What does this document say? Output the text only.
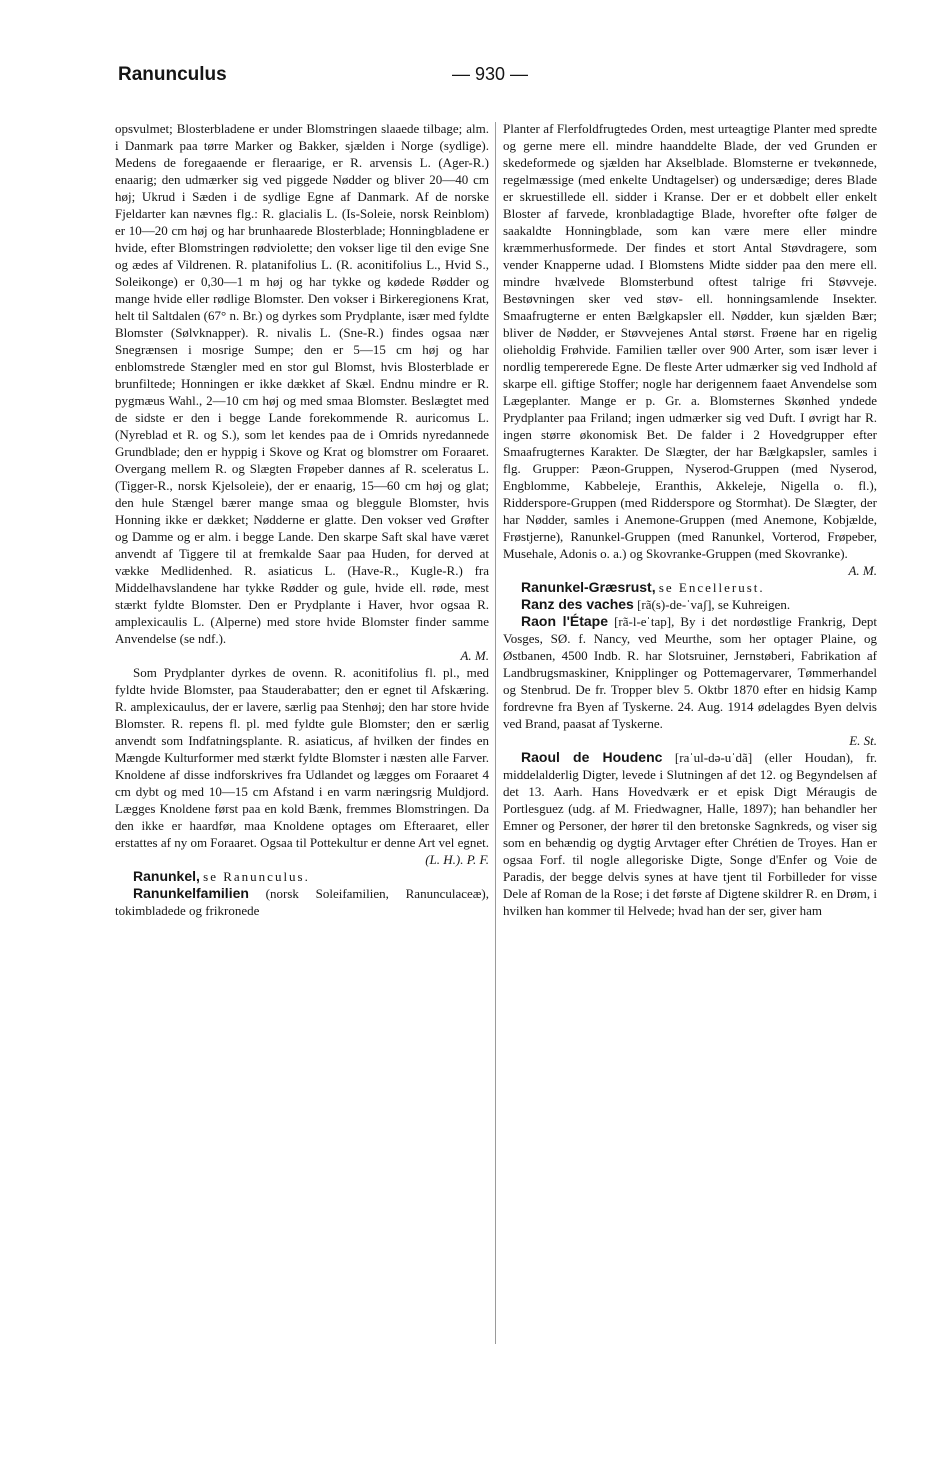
Ranunculus	— 930 —

opsvulmet; Blosterbladene er under Blomstringen slaaede tilbage; alm. i Danmark paa tørre Marker og Bakker, sjælden i Norge (sydlige). Medens de foregaaende er fleraarige, er R. arvensis L. (Ager-R.) enaarig; den udmærker sig ved piggede Nødder og bliver 20—40 cm høj; Ukrud i Sæden i de sydlige Egne af Danmark. Af de norske Fjeldarter kan nævnes flg.: R. glacialis L. (Is-Soleie, norsk Reinblom) er 10—20 cm høj og har brunhaarede Blosterblade; Honningbladene er hvide, efter Blomstringen rødviolette; den vokser lige til den evige Sne og ædes af Vildrenen. R. platanifolius L. (R. aconitifolius L., Hvid S., Soleikonge) er 0,30—1 m høj og har tykke og kødede Rødder og mange hvide eller rødlige Blomster. Den vokser i Birkeregionens Krat, helt til Saltdalen (67° n. Br.) og dyrkes som Prydplante, især med fyldte Blomster (Sølvknapper). R. nivalis L. (Sne-R.) findes ogsaa nær Snegrænsen i mosrige Sumpe; den er 5—15 cm høj og har enblomstrede Stængler med en stor gul Blomst, hvis Blosterblade er brunfiltede; Honningen er ikke dækket af Skæl. Endnu mindre er R. pygmæus Wahl., 2—10 cm høj og med smaa Blomster. Beslægtet med de sidste er den i begge Lande forekommende R. auricomus L. (Nyreblad et R. og S.), som let kendes paa de i Omrids nyredannede Grundblade; den er hyppig i Skove og Krat og blomstrer om Foraaret. Overgang mellem R. og Slægten Frøpeber dannes af R. sceleratus L. (Tigger-R., norsk Kjelsoleie), der er enaarig, 15—60 cm høj og glat; den hule Stængel bærer mange smaa og bleggule Blomster, hvis Honning ikke er dækket; Nødderne er glatte. Den vokser ved Grøfter og Damme og er alm. i begge Lande. Den skarpe Saft skal have været anvendt af Tiggere til at fremkalde Saar paa Huden, for derved at vække Medlidenhed. R. asiaticus L. (Have-R., Kugle-R.) fra Middelhavslandene har tykke Rødder og gule, hvide ell. røde, mest stærkt fyldte Blomster. Den er Prydplante i Haver, hvor ogsaa R. amplexicaulis L. (Alperne) med store hvide Blomster finder samme Anvendelse (se ndf.).

A. M.

Som Prydplanter dyrkes de ovenn. R. aconitifolius fl. pl., med fyldte hvide Blomster, paa Stauderabatter; den er egnet til Afskæring. R. amplexicaulus, der er lavere, særlig paa Stenhøj; den har store hvide Blomster. R. repens fl. pl. med fyldte gule Blomster; den er særlig anvendt som Indfatningsplante. R. asiaticus, af hvilken der findes en Mængde Kulturformer med stærkt fyldte Blomster i næsten alle Farver. Knoldene af disse indforskrives fra Udlandet og lægges om Foraaret 4 cm dybt og med 10—15 cm Afstand i en varm næringsrig Muldjord. Lægges Knoldene først paa en kold Bænk, fremmes Blomstringen. Da den ikke er haardfør, maa Knoldene optages om Efteraaret, eller erstattes af ny om Foraaret. Ogsaa til Pottekultur er denne Art vel egnet.

(L. H.). P. F.

Ranunkel, se Ranunculus.

Ranunkelfamilien (norsk Soleifamilien, Ranunculaceæ), tokimbladede og frikronede

Planter af Flerfoldfrugtedes Orden, mest urteagtige Planter med spredte og gerne mere ell. mindre haanddelte Blade, der ved Grunden er skedeformede og sjælden har Akselblade. Blomsterne er tvekønnede, regelmæssige (med enkelte Undtagelser) og undersædige; deres Blade er skruestillede ell. sidder i Kranse. Der er et dobbelt eller enkelt Bloster af farvede, kronbladagtige Blade, hvorefter ofte følger de saakaldte Honningblade, som kan være mere eller mindre kræmmerhusformede. Der findes et stort Antal Støvdragere, som vender Knapperne udad. I Blomstens Midte sidder paa den mere ell. mindre hvælvede Blomsterbund oftest talrige fri Støvveje. Bestøvningen sker ved støv- ell. honningsamlende Insekter. Smaafrugterne er enten Bælgkapsler ell. Nødder, kun sjælden Bær; bliver de Nødder, er Støvvejenes Antal størst. Frøene har en rigelig olieholdig Frøhvide. Familien tæller over 900 Arter, som især lever i nordlig tempererede Egne. De fleste Arter udmærker sig ved Indhold af skarpe ell. giftige Stoffer; nogle har derigennem faaet Anvendelse som Lægeplanter. Mange er p. Gr. a. Blomsternes Skønhed yndede Prydplanter paa Friland; ingen udmærker sig ved Duft. I øvrigt har R. ingen større økonomisk Bet. De falder i 2 Hovedgrupper efter Smaafrugternes Karakter. De Slægter, der har Bælgkapsler, samles i flg. Grupper: Pæon-Gruppen, Nyserod-Gruppen (med Nyserod, Engblomme, Kabbeleje, Eranthis, Akkeleje, Nigella o. fl.), Riddersporе-Gruppen (med Ridderspore og Stormhat). De Slægter, der har Nødder, samles i Anemone-Gruppen (med Anemone, Kobjælde, Frøstjerne), Ranunkel-Gruppen (med Ranunkel, Vorterod, Frøpeber, Musehale, Adonis o. a.) og Skovranke-Gruppen (med Skovranke).

A. M.

Ranunkel-Græsrust, se Encellerust.

Ranz des vaches [rã(s)-de-ˈvaʃ], se Kuhreigen.

Raon l'Étape [rã-l-eˈtap], By i det nordøstlige Frankrig, Dept Vosges, SØ. f. Nancy, ved Meurthe, som her optager Plaine, og Østbanen, 4500 Indb. R. har Slotsruiner, Jernstøberi, Fabrikation af Landbrugsmaskiner, Knipplinger og Pottemagervarer, Tømmerhandel og Stenbrud. De fr. Tropper blev 5. Oktbr 1870 efter en hidsig Kamp fordrevne fra Byen af Tyskerne. 24. Aug. 1914 ødelagdes Byen delvis ved Brand, paasat af Tyskerne.

E. St.

Raoul de Houdenc [raˈul-də-uˈdã] (eller Houdan), fr. middelalderlig Digter, levede i Slutningen af det 12. og Begyndelsen af det 13. Aarh. Hans Hovedværk er et episk Digt Méraugis de Portlesguez (udg. af M. Friedwagner, Halle, 1897); han behandler her Emner og Personer, der hører til den bretonske Sagnkreds, og viser sig som en behændig og dygtig Arvtager efter Chrétien de Troyes. Han er ogsaa Forf. til nogle allegoriske Digte, Songe d'Enfer og Voie de Paradis, der begge delvis synes at have tjent til Forbilleder for visse Dele af Roman de la Rose; i det første af Digtene skildrer R. en Drøm, i hvilken han kommer til Helvede; hvad han der ser, giver ham
